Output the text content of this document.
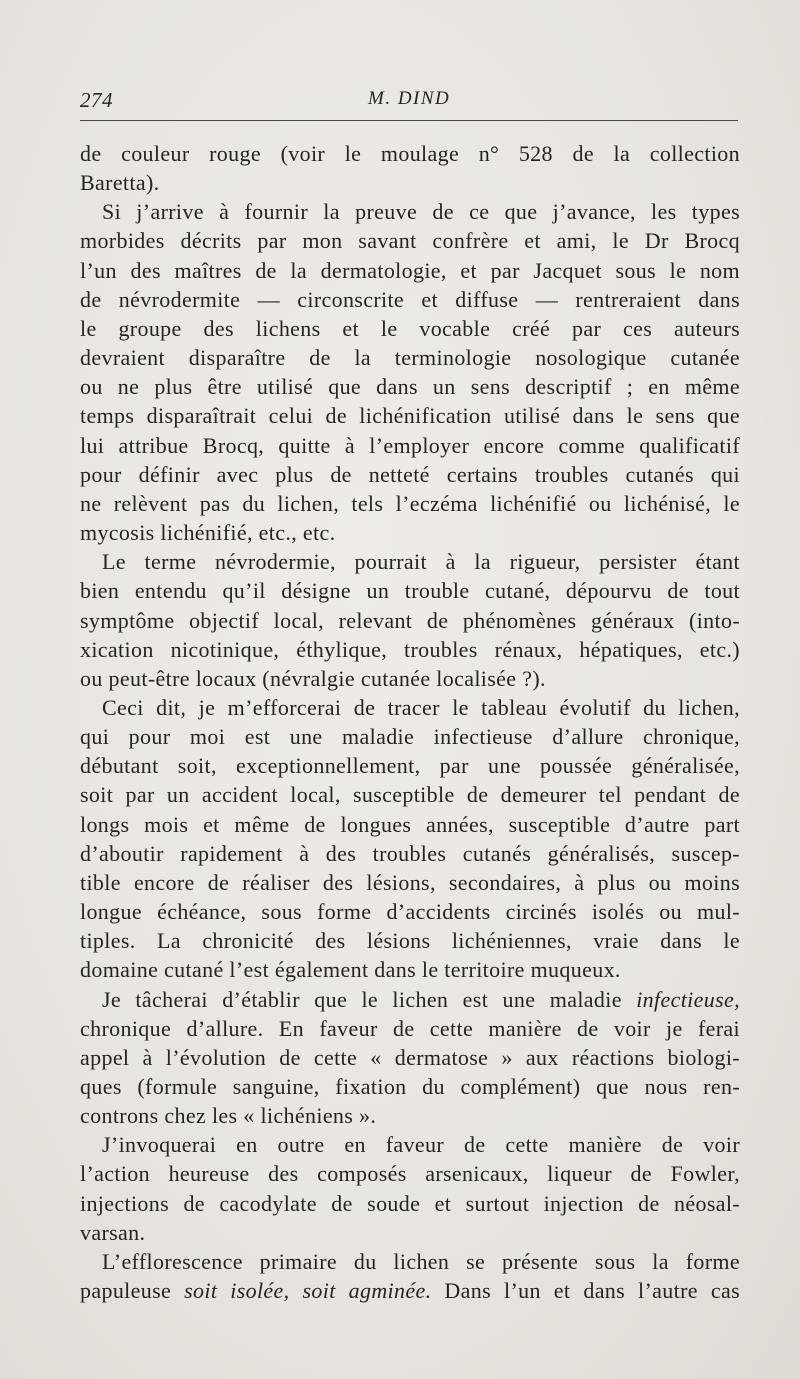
274	M. DIND

de couleur rouge (voir le moulage n° 528 de la collection
Baretta).

Si j’arrive à fournir la preuve de ce que j’avance, les types
morbides décrits par mon savant confrère et ami, le Dr Brocq
l’un des maîtres de la dermatologie, et par Jacquet sous le nom
de névrodermite — circonscrite et diffuse — rentreraient dans
le groupe des lichens et le vocable créé par ces auteurs
devraient disparaître de la terminologie nosologique cutanée
ou ne plus être utilisé que dans un sens descriptif ; en même
temps disparaîtrait celui de lichénification utilisé dans le sens que
lui attribue Brocq, quitte à l’employer encore comme qualificatif
pour définir avec plus de netteté certains troubles cutanés qui
ne relèvent pas du lichen, tels l’eczéma lichénifié ou lichénisé, le
mycosis lichénifié, etc., etc.

Le terme névrodermie, pourrait à la rigueur, persister étant
bien entendu qu’il désigne un trouble cutané, dépourvu de tout
symptôme objectif local, relevant de phénomènes généraux (into-
xication nicotinique, éthylique, troubles rénaux, hépatiques, etc.)
ou peut-être locaux (névralgie cutanée localisée ?).

Ceci dit, je m’efforcerai de tracer le tableau évolutif du lichen,
qui pour moi est une maladie infectieuse d’allure chronique,
débutant soit, exceptionnellement, par une poussée généralisée,
soit par un accident local, susceptible de demeurer tel pendant de
longs mois et même de longues années, susceptible d’autre part
d’aboutir rapidement à des troubles cutanés généralisés, suscep-
tible encore de réaliser des lésions, secondaires, à plus ou moins
longue échéance, sous forme d’accidents circinés isolés ou mul-
tiples. La chronicité des lésions lichéniennes, vraie dans le
domaine cutané l’est également dans le territoire muqueux.

Je tâcherai d’établir que le lichen est une maladie infectieuse,
chronique d’allure. En faveur de cette manière de voir je ferai
appel à l’évolution de cette « dermatose » aux réactions biologi-
ques (formule sanguine, fixation du complément) que nous ren-
controns chez les « lichéniens ».

J’invoquerai en outre en faveur de cette manière de voir
l’action heureuse des composés arsenicaux, liqueur de Fowler,
injections de cacodylate de soude et surtout injection de néosal-
varsan.

L’efflorescence primaire du lichen se présente sous la forme
papuleuse soit isolée, soit agminée. Dans l’un et dans l’autre cas
